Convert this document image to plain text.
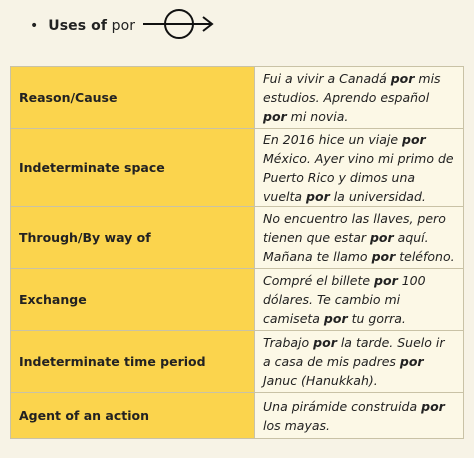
• Uses of por
Reason/Cause	Fui a vivir a Canadá por mis estudios. Aprendo español por mi novia.
Indeterminate space	En 2016 hice un viaje por México. Ayer vino mi primo de Puerto Rico y dimos una vuelta por la universidad.
Through/By way of	No encuentro las llaves, pero tienen que estar por aquí. Mañana te llamo por teléfono.
Exchange	Compré el billete por 100 dólares. Te cambio mi camiseta por tu gorra.
Indeterminate time period	Trabajo por la tarde. Suelo ir a casa de mis padres por Januc (Hanukkah).
Agent of an action	Una pirámide construida por los mayas.
